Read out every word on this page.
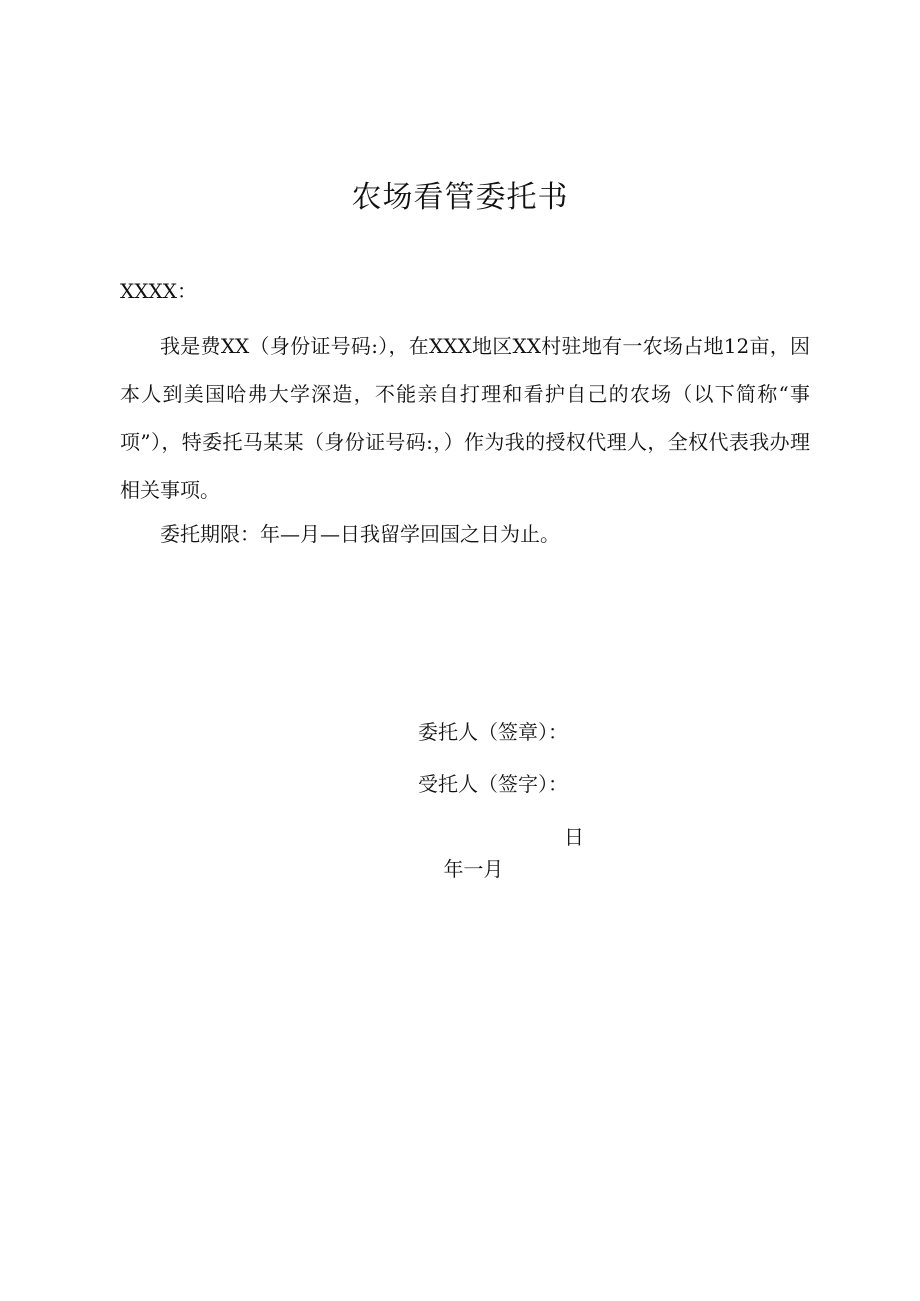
农场看管委托书
XXXX：

我是费XX（身份证号码:），在XXX地区XX村驻地有一农场占地12亩，因本人到美国哈弗大学深造，不能亲自打理和看护自己的农场（以下简称“事项”），特委托马某某（身份证号码:，）作为我的授权代理人，全权代表我办理相关事项。

委托期限：年—月—日我留学回国之日为止。

委托人（签章）：
受托人（签字）：

年一月

日
